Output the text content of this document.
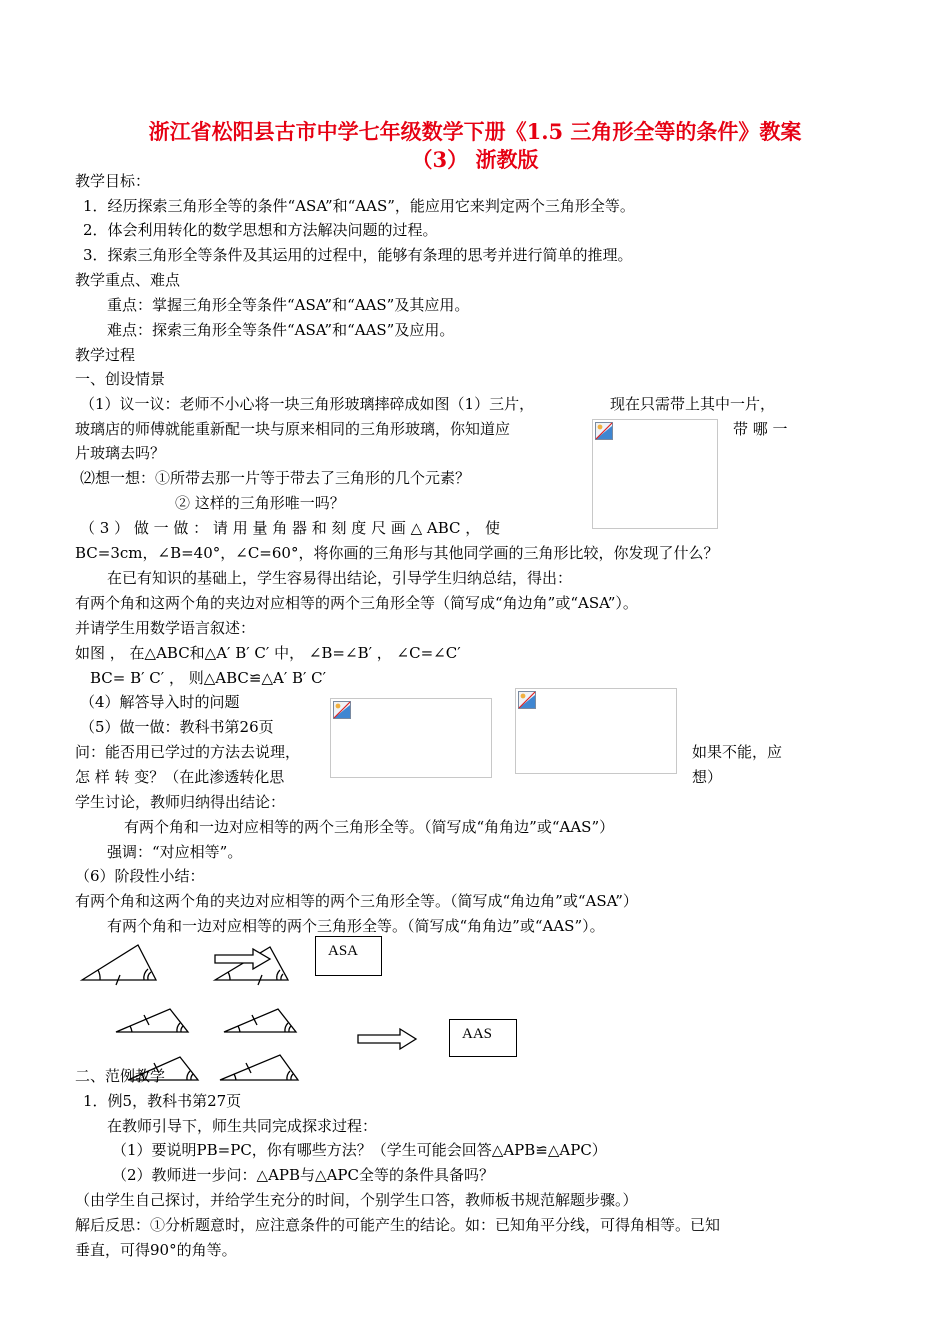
浙江省松阳县古市中学七年级数学下册《1.5 三角形全等的条件》教案
（3） 浙教版
教学目标：
1．经历探索三角形全等的条件“ASA”和“AAS”，能应用它来判定两个三角形全等。
2．体会利用转化的数学思想和方法解决问题的过程。
3．探索三角形全等条件及其运用的过程中，能够有条理的思考并进行简单的推理。
教学重点、难点
重点：掌握三角形全等条件“ASA”和“AAS”及其应用。
难点：探索三角形全等条件“ASA”和“AAS”及应用。
教学过程
一、创设情景
（1）议一议：老师不小心将一块三角形玻璃摔碎成如图（1）三片，	现在只需带上其中一片，
玻璃店的师傅就能重新配一块与原来相同的三角形玻璃，你知道应	带 哪 一
片玻璃去吗？
⑵想一想：①所带去那一片等于带去了三角形的几个元素？
② 这样的三角形唯一吗？
（ 3 ） 做 一 做 ： 请 用 量 角 器 和 刻 度 尺 画 △ ABC ， 使
BC=3cm，∠B=40°，∠C=60°，将你画的三角形与其他同学画的三角形比较，你发现了什么？
在已有知识的基础上，学生容易得出结论，引导学生归纳总结，得出：
有两个角和这两个角的夹边对应相等的两个三角形全等（简写成“角边角”或“ASA”）。
并请学生用数学语言叙述：
如图 ， 在△ABC和△A′ B′ C′ 中， ∠B=∠B′ ， ∠C=∠C′
BC= B′ C′ ， 则△ABC≌△A′ B′ C′
（4）解答导入时的问题
（5）做一做：教科书第26页
问：能否用已学过的方法去说理，	如果不能，应
怎 样 转 变？（在此渗透转化思	想）
学生讨论，教师归纳得出结论：
有两个角和一边对应相等的两个三角形全等。（简写成“角角边”或“AAS”）
强调：“对应相等”。
（6）阶段性小结：
有两个角和这两个角的夹边对应相等的两个三角形全等。（简写成“角边角”或“ASA”）
有两个角和一边对应相等的两个三角形全等。（简写成“角角边”或“AAS”）。
二、范例教学
1．例5，教科书第27页
在教师引导下，师生共同完成探求过程：
（1）要说明PB=PC，你有哪些方法？（学生可能会回答△APB≌△APC）
（2）教师进一步问：△APB与△APC全等的条件具备吗？
（由学生自己探讨，并给学生充分的时间，个别学生口答，教师板书规范解题步骤。）
解后反思：①分析题意时，应注意条件的可能产生的结论。如：已知角平分线，可得角相等。已知
垂直，可得90°的角等。
ASA
AAS
